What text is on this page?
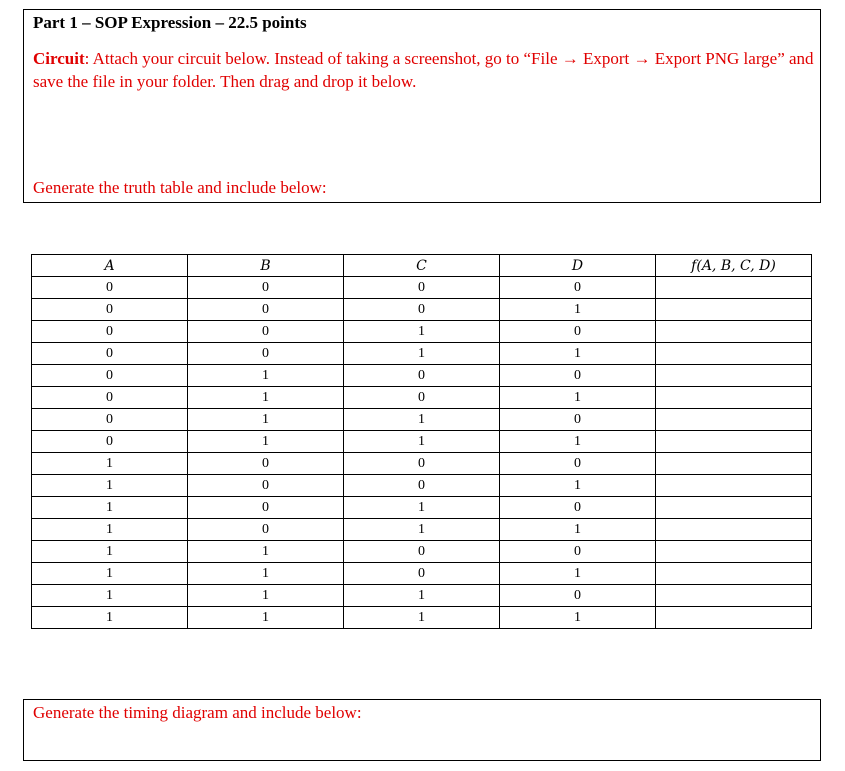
Part 1 – SOP Expression – 22.5 points
Circuit: Attach your circuit below. Instead of taking a screenshot, go to “File → Export → Export PNG large” and save the file in your folder. Then drag and drop it below.
Generate the truth table and include below:
A	B	C	D	f(A, B, C, D)
0	0	0	0	
0	0	0	1	
0	0	1	0	
0	0	1	1	
0	1	0	0	
0	1	0	1	
0	1	1	0	
0	1	1	1	
1	0	0	0	
1	0	0	1	
1	0	1	0	
1	0	1	1	
1	1	0	0	
1	1	0	1	
1	1	1	0	
1	1	1	1	
Generate the timing diagram and include below:
